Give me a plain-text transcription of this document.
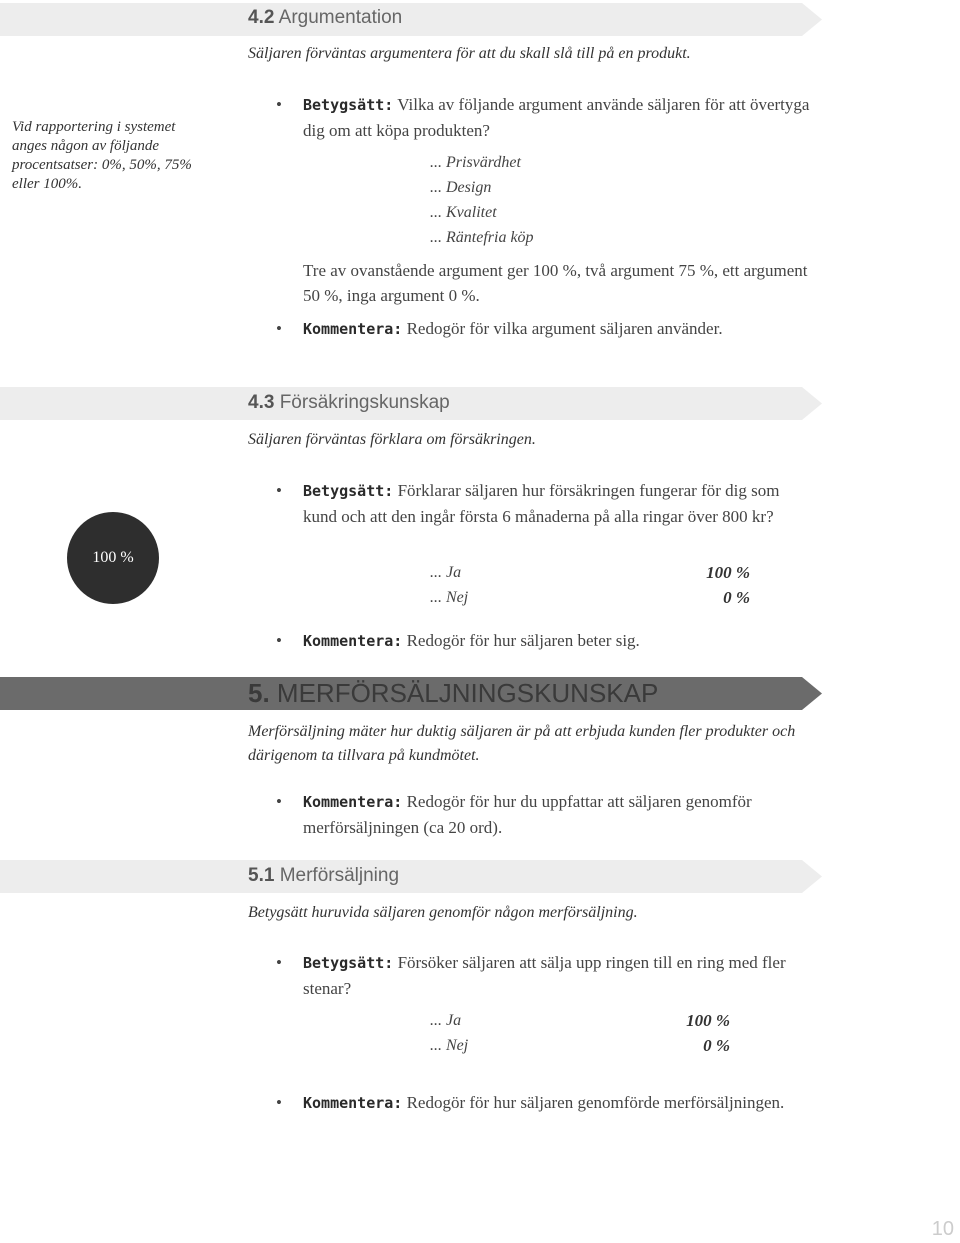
4.2 Argumentation
Säljaren förväntas argumentera för att du skall slå till på en produkt.
Vid rapportering i systemet anges någon av följande procentsatser: 0%, 50%, 75% eller 100%.
•	Betygsätt: Vilka av följande argument använde säljaren för att övertyga dig om att köpa produkten?
... Prisvärdhet
... Design
... Kvalitet
... Räntefria köp
Tre av ovanstående argument ger 100 %, två argument 75 %, ett argument 50 %, inga argument 0 %.
•	Kommentera: Redogör för vilka argument säljaren använder.
4.3 Försäkringskunskap
Säljaren förväntas förklara om försäkringen.
100 %
•	Betygsätt: Förklarar säljaren hur försäkringen fungerar för dig som kund och att den ingår första 6 månaderna på alla ringar över 800 kr?
... Ja	100 %
... Nej	0 %
•	Kommentera: Redogör för hur säljaren beter sig.
5. MERFÖRSÄLJNINGSKUNSKAP
Merförsäljning mäter hur duktig säljaren är på att erbjuda kunden fler produkter och därigenom ta tillvara på kundmötet.
•	Kommentera: Redogör för hur du uppfattar att säljaren genomför merförsäljningen (ca 20 ord).
5.1 Merförsäljning
Betygsätt huruvida säljaren genomför någon merförsäljning.
•	Betygsätt: Försöker säljaren att sälja upp ringen till en ring med fler stenar?
... Ja	100 %
... Nej	0 %
•	Kommentera: Redogör för hur säljaren genomförde merförsäljningen.
10
